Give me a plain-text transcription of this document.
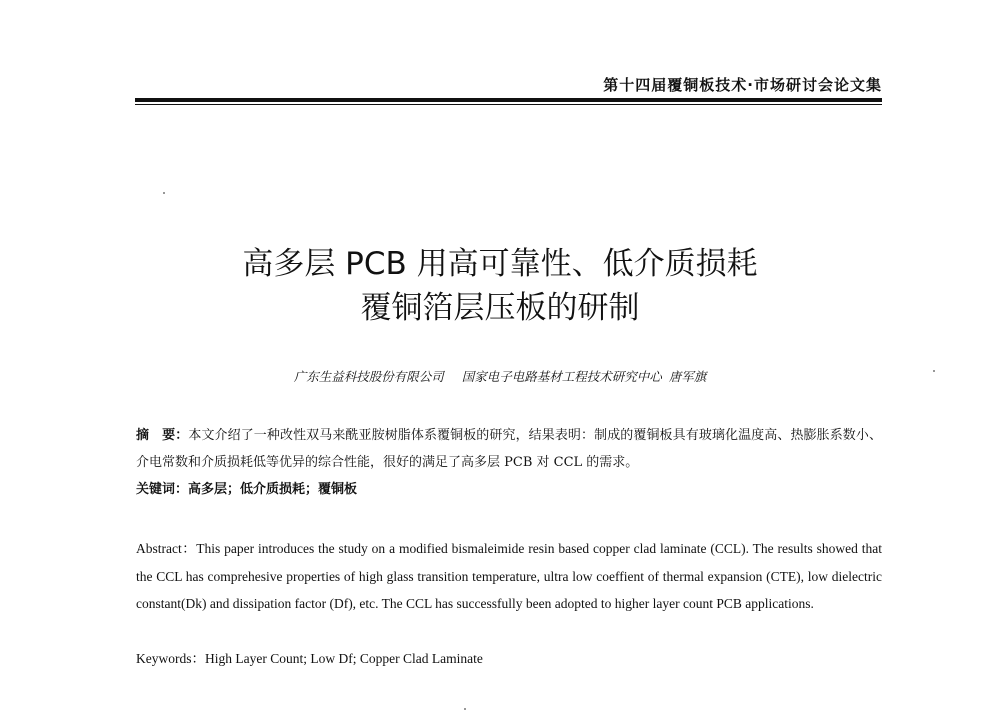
第十四届覆铜板技术·市场研讨会论文集
高多层 PCB 用高可靠性、低介质损耗
覆铜箔层压板的研制
广东生益科技股份有限公司 国家电子电路基材工程技术研究中心 唐军旗
摘　要：本文介绍了一种改性双马来酰亚胺树脂体系覆铜板的研究，结果表明：制成的覆铜板具有玻璃化温度高、热膨胀系数小、介电常数和介质损耗低等优异的综合性能，很好的满足了高多层 PCB 对 CCL 的需求。
关键词：高多层；低介质损耗；覆铜板
Abstract：This paper introduces the study on a modified bismaleimide resin based copper clad laminate (CCL). The results showed that the CCL has comprehesive properties of high glass transition temperature, ultra low coeffient of thermal expansion (CTE), low dielectric constant(Dk) and dissipation factor (Df), etc. The CCL has successfully been adopted to higher layer count PCB applications.
Keywords：High Layer Count; Low Df; Copper Clad Laminate
